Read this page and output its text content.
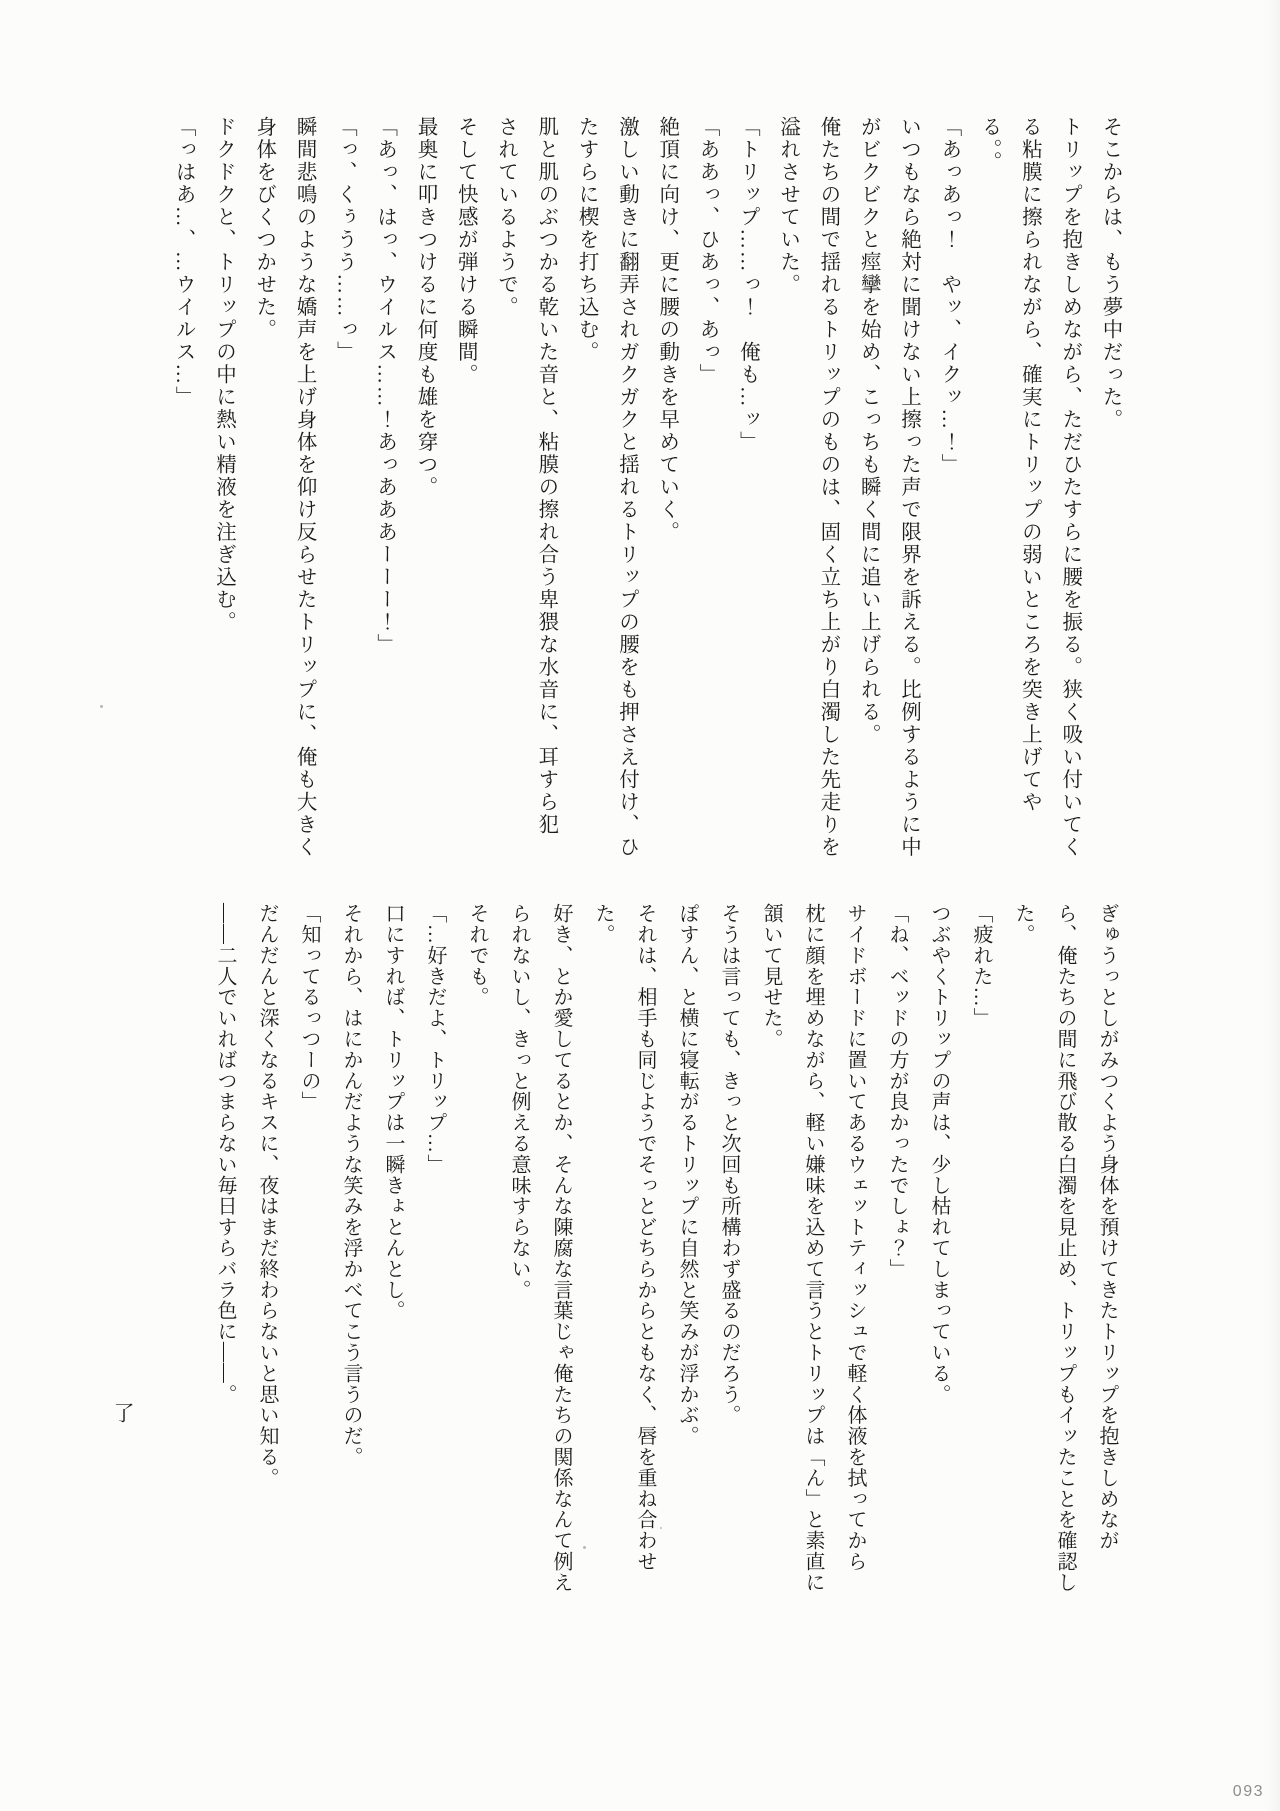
そこからは、もう夢中だった。
トリップを抱きしめながら、ただひたすらに腰を振る。狭く吸い付いてく
る粘膜に擦られながら、確実にトリップの弱いところを突き上げてや
る。。
「あっあっ！　やッ、イクッ…！」
いつもなら絶対に聞けない上擦った声で限界を訴える。比例するように中
がビクビクと痙攣を始め、こっちも瞬く間に追い上げられる。
俺たちの間で揺れるトリップのものは、固く立ち上がり白濁した先走りを
溢れさせていた。
「トリップ……っ！　俺も…ッ」
「ああっ、ひあっ、あっ」
絶頂に向け、更に腰の動きを早めていく。
激しい動きに翻弄されガクガクと揺れるトリップの腰をも押さえ付け、ひ
たすらに楔を打ち込む。
肌と肌のぶつかる乾いた音と、粘膜の擦れ合う卑猥な水音に、耳すら犯
されているようで。
そして快感が弾ける瞬間。
最奥に叩きつけるに何度も雄を穿つ。
「あっ、はっ、ウイルス……！あっあああーーー！」
「っ、くぅうう……っ」
瞬間悲鳴のような嬌声を上げ身体を仰け反らせたトリップに、俺も大きく
身体をびくつかせた。
ドクドクと、トリップの中に熱い精液を注ぎ込む。
「っはあ…、…ウイルス…」
ぎゅうっとしがみつくよう身体を預けてきたトリップを抱きしめなが
ら、俺たちの間に飛び散る白濁を見止め、トリップもイッたことを確認し
た。
「疲れた…」
つぶやくトリップの声は、少し枯れてしまっている。
「ね、ベッドの方が良かったでしょ？」
サイドボードに置いてあるウェットティッシュで軽く体液を拭ってから
枕に顔を埋めながら、軽い嫌味を込めて言うとトリップは「ん」と素直に
頷いて見せた。
そうは言っても、きっと次回も所構わず盛るのだろう。
ぽすん、と横に寝転がるトリップに自然と笑みが浮かぶ。
それは、相手も同じようでそっとどちらからともなく、唇を重ね合わせ
た。
好き、とか愛してるとか、そんな陳腐な言葉じゃ俺たちの関係なんて例え
られないし、きっと例える意味すらない。
それでも。
「…好きだよ、トリップ…」
口にすれば、トリップは一瞬きょとんとし。
それから、はにかんだような笑みを浮かべてこう言うのだ。
「知ってるっつーの」
だんだんと深くなるキスに、夜はまだ終わらないと思い知る。
——二人でいればつまらない毎日すらバラ色に——。
了
093
